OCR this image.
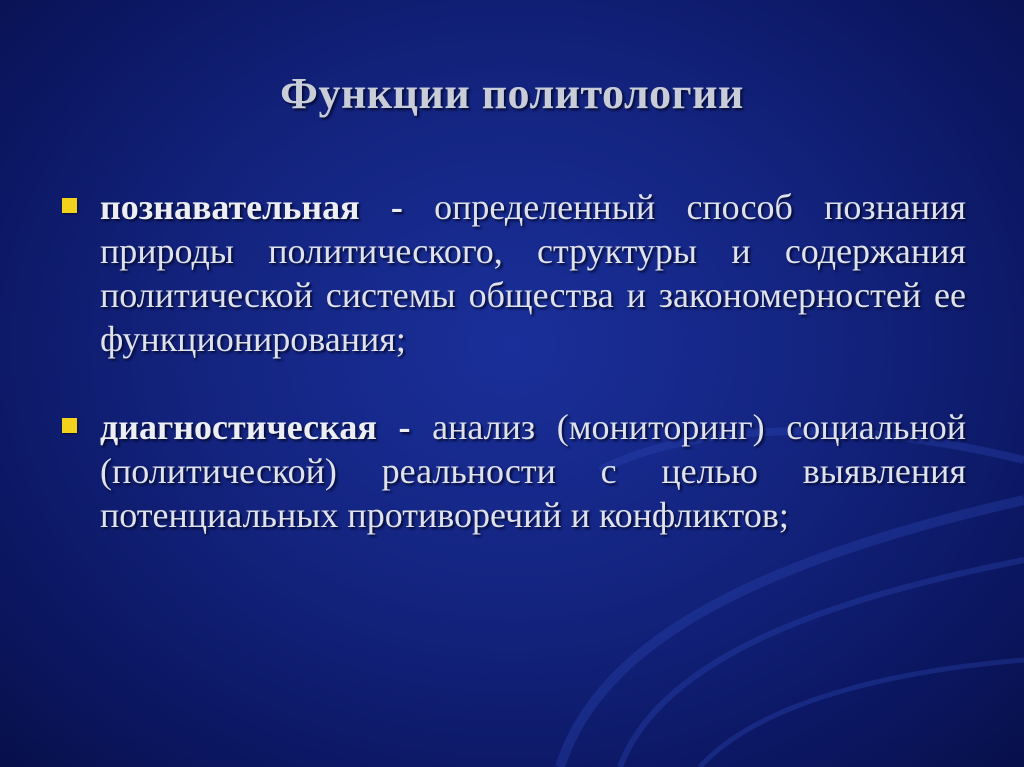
Функции политологии
познавательная - определенный способ познания природы политического, структуры и содержания политической системы общества и закономерностей ее функционирования;
диагностическая - анализ (мониторинг) социальной (политической) реальности с целью выявления потенциальных противоречий и конфликтов;
